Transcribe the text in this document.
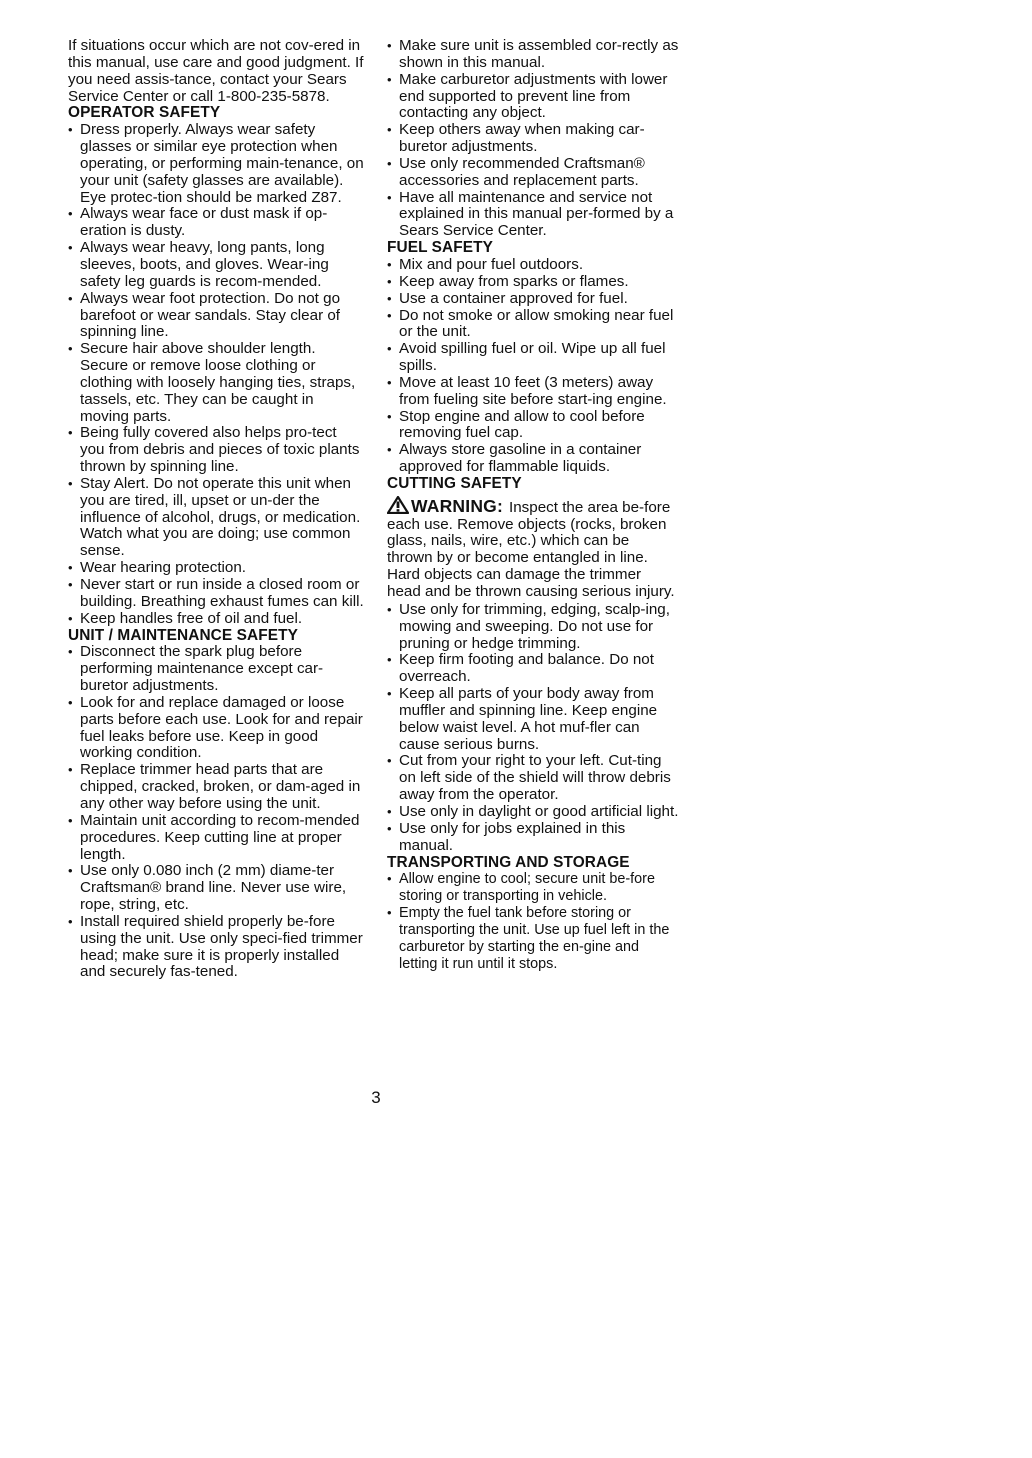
If situations occur which are not cov-ered in this manual, use care and good judgment. If you need assis-tance, contact your Sears Service Center or call 1-800-235-5878.

OPERATOR SAFETY
• Dress properly. Always wear safety glasses or similar eye protection when operating, or performing main-tenance, on your unit (safety glasses are available). Eye protec-tion should be marked Z87.
• Always wear face or dust mask if op-eration is dusty.
• Always wear heavy, long pants, long sleeves, boots, and gloves. Wear-ing safety leg guards is recom-mended.
• Always wear foot protection. Do not go barefoot or wear sandals. Stay clear of spinning line.
• Secure hair above shoulder length. Secure or remove loose clothing or clothing with loosely hanging ties, straps, tassels, etc. They can be caught in moving parts.
• Being fully covered also helps pro-tect you from debris and pieces of toxic plants thrown by spinning line.
• Stay Alert. Do not operate this unit when you are tired, ill, upset or un-der the influence of alcohol, drugs, or medication. Watch what you are doing; use common sense.
• Wear hearing protection.
• Never start or run inside a closed room or building. Breathing exhaust fumes can kill.
• Keep handles free of oil and fuel.
UNIT / MAINTENANCE SAFETY
• Disconnect the spark plug before performing maintenance except car-buretor adjustments.
• Look for and replace damaged or loose parts before each use. Look for and repair fuel leaks before use. Keep in good working condition.
• Replace trimmer head parts that are chipped, cracked, broken, or dam-aged in any other way before using the unit.
• Maintain unit according to recom-mended procedures. Keep cutting line at proper length.
• Use only 0.080 inch (2 mm) diame-ter Craftsman® brand line. Never use wire, rope, string, etc.
• Install required shield properly be-fore using the unit. Use only speci-fied trimmer head; make sure it is properly installed and securely fas-tened.
• Make sure unit is assembled cor-rectly as shown in this manual.
• Make carburetor adjustments with lower end supported to prevent line from contacting any object.
• Keep others away when making car-buretor adjustments.
• Use only recommended Craftsman® accessories and replacement parts.
• Have all maintenance and service not explained in this manual per-formed by a Sears Service Center.
FUEL SAFETY
• Mix and pour fuel outdoors.
• Keep away from sparks or flames.
• Use a container approved for fuel.
• Do not smoke or allow smoking near fuel or the unit.
• Avoid spilling fuel or oil. Wipe up all fuel spills.
• Move at least 10 feet (3 meters) away from fueling site before start-ing engine.
• Stop engine and allow to cool before removing fuel cap.
• Always store gasoline in a container approved for flammable liquids.
CUTTING SAFETY

WARNING: Inspect the area be-fore each use. Remove objects (rocks, broken glass, nails, wire, etc.) which can be thrown by or become entangled in line. Hard objects can damage the trimmer head and be thrown causing serious injury.

• Use only for trimming, edging, scalp-ing, mowing and sweeping. Do not use for pruning or hedge trimming.
• Keep firm footing and balance. Do not overreach.
• Keep all parts of your body away from muffler and spinning line. Keep engine below waist level. A hot muf-fler can cause serious burns.
• Cut from your right to your left. Cut-ting on left side of the shield will throw debris away from the operator.
• Use only in daylight or good artificial light.
• Use only for jobs explained in this manual.
TRANSPORTING AND STORAGE
• Allow engine to cool; secure unit be-fore storing or transporting in vehicle.
• Empty the fuel tank before storing or transporting the unit. Use up fuel left in the carburetor by starting the en-gine and letting it run until it stops.
3
